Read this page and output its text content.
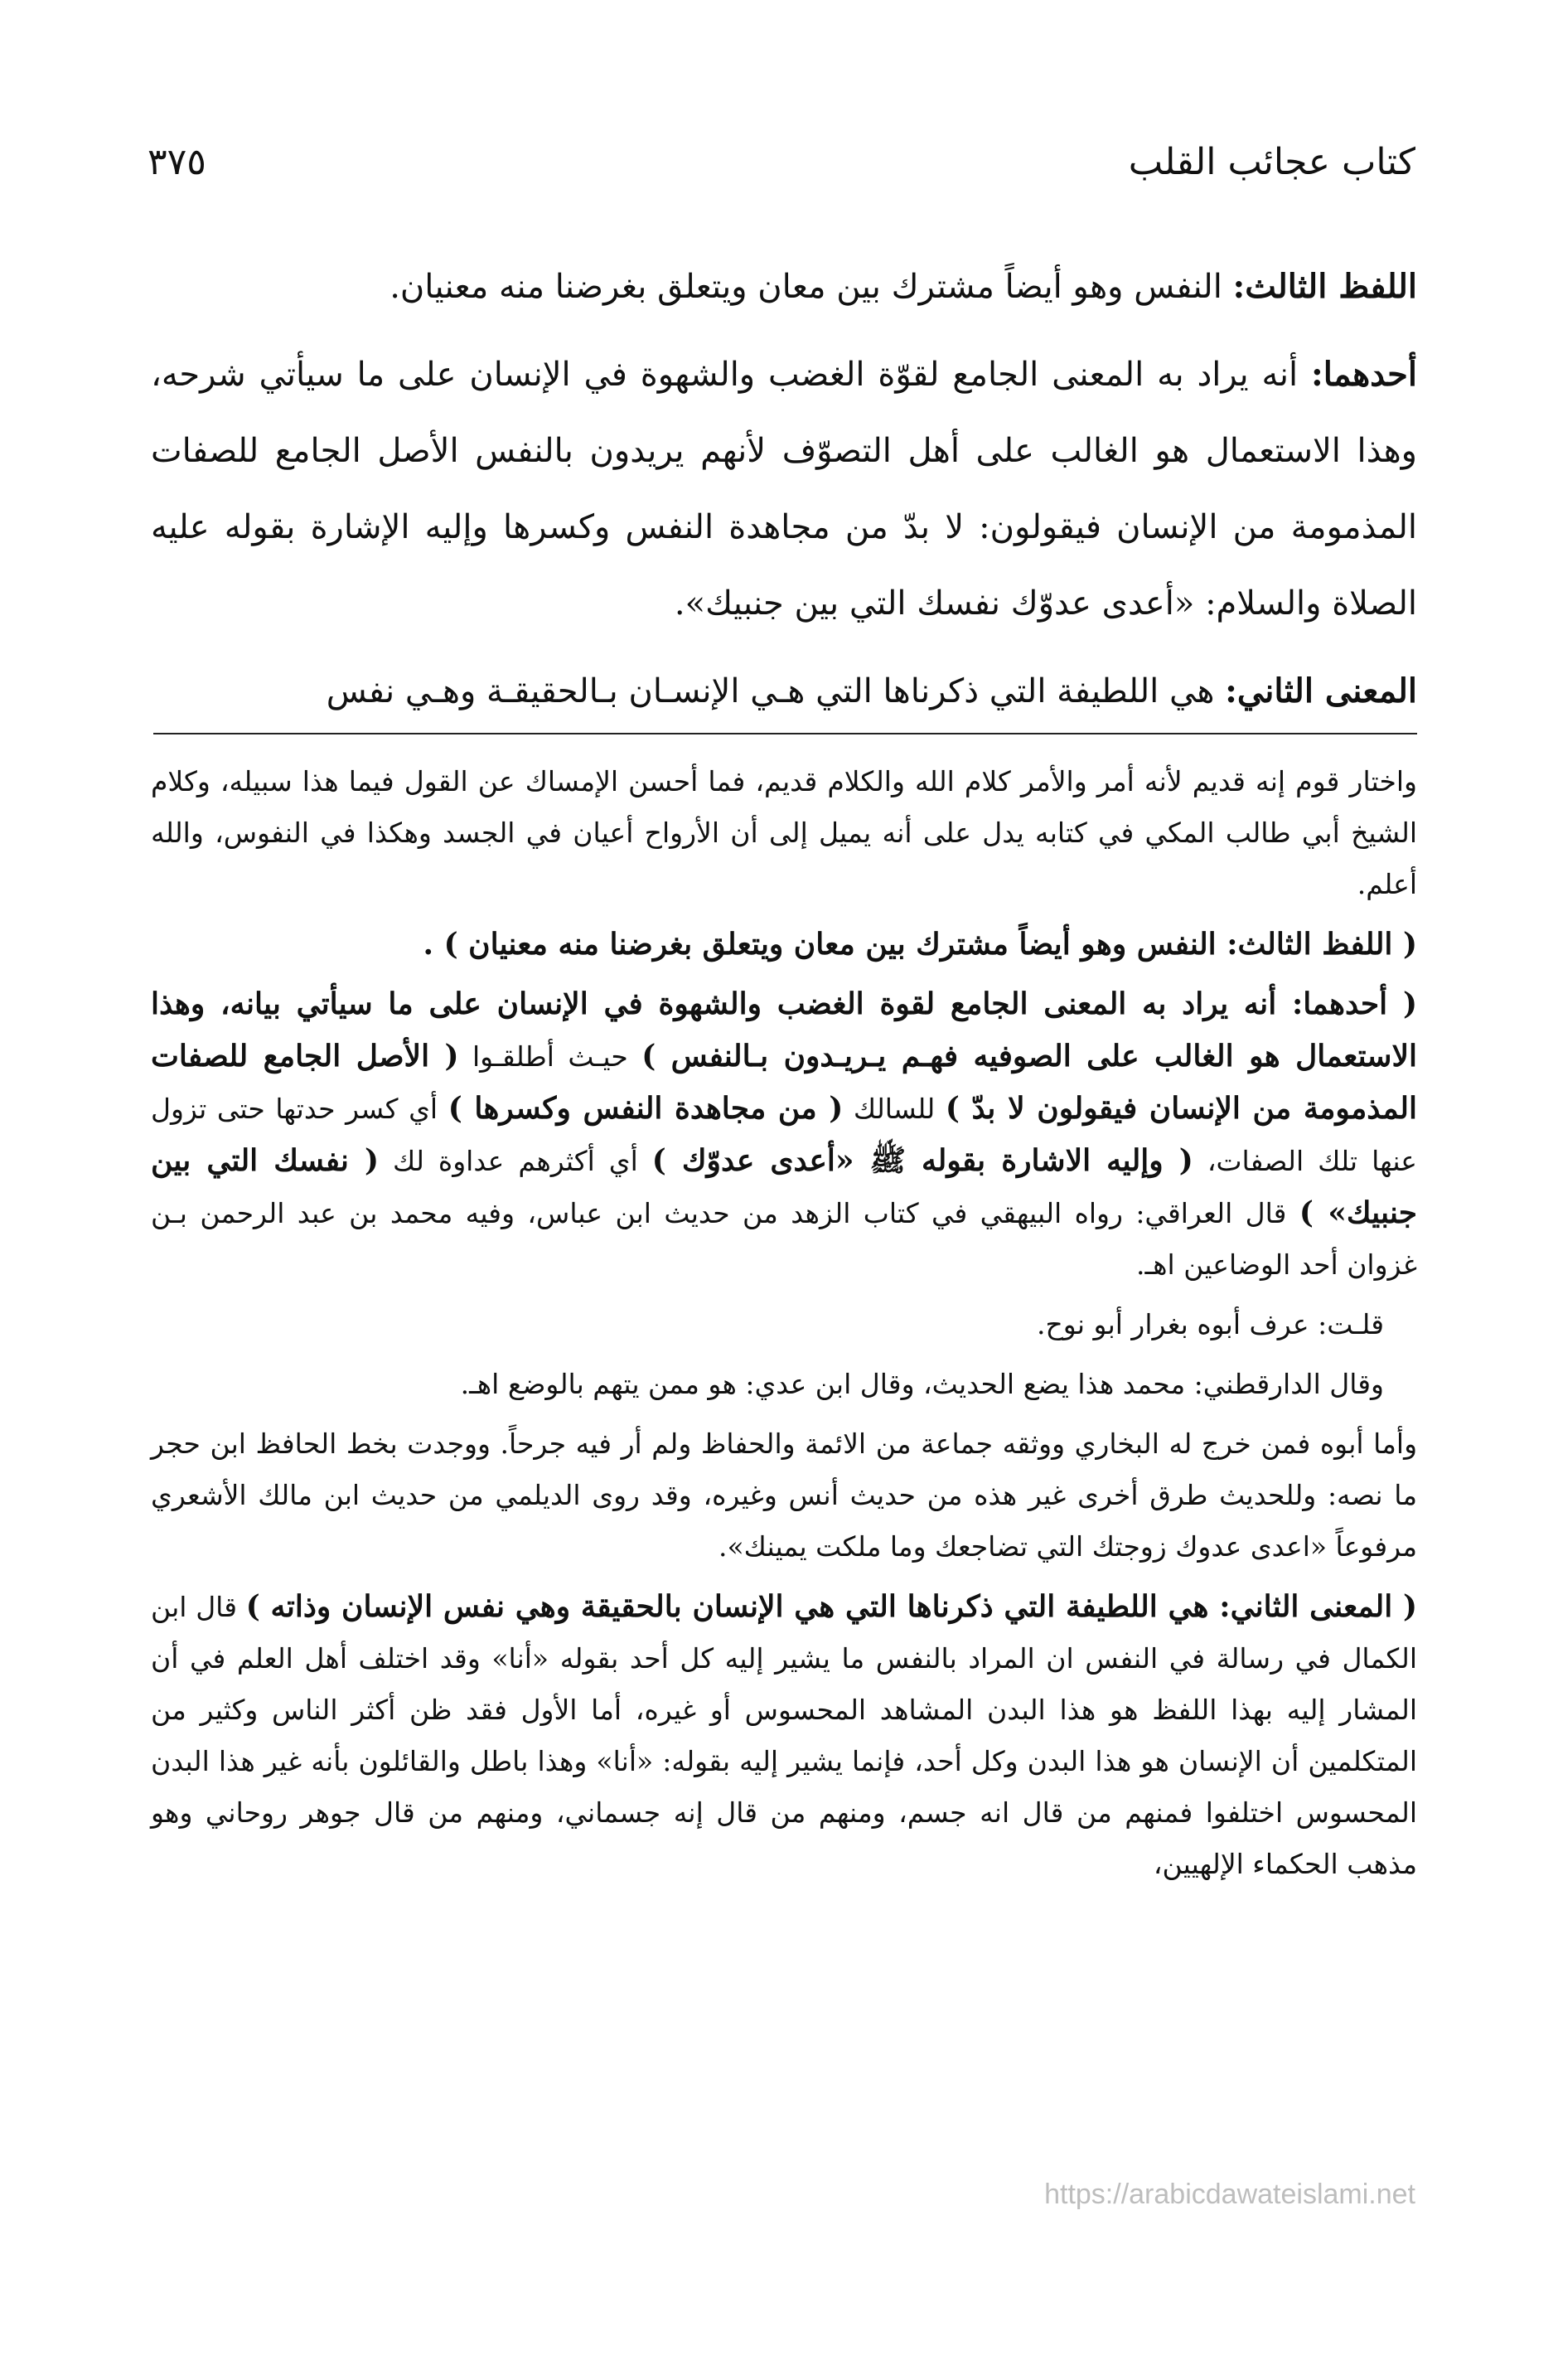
كتاب عجائب القلب
٣٧٥

اللفظ الثالث: النفس وهو أيضاً مشترك بين معان ويتعلق بغرضنا منه معنيان.

أحدهما: أنه يراد به المعنى الجامع لقوّة الغضب والشهوة في الإنسان على ما سيأتي شرحه، وهذا الاستعمال هو الغالب على أهل التصوّف لأنهم يريدون بالنفس الأصل الجامع للصفات المذمومة من الإنسان فيقولون: لا بدّ من مجاهدة النفس وكسرها وإليه الإشارة بقوله عليه الصلاة والسلام: «أعدى عدوّك نفسك التي بين جنبيك».

المعنى الثاني: هي اللطيفة التي ذكرناها التي هـي الإنسـان بـالحقيقـة وهـي نفس

واختار قوم إنه قديم لأنه أمر والأمر كلام الله والكلام قديم، فما أحسن الإمساك عن القول فيما هذا سبيله، وكلام الشيخ أبي طالب المكي في كتابه يدل على أنه يميل إلى أن الأرواح أعيان في الجسد وهكذا في النفوس، والله أعلم.

( اللفظ الثالث: النفس وهو أيضاً مشترك بين معان ويتعلق بغرضنا منه معنيان ) .

( أحدهما: أنه يراد به المعنى الجامع لقوة الغضب والشهوة في الإنسان على ما سيأتي بيانه، وهذا الاستعمال هو الغالب على الصوفيه فهـم يـريـدون بـالنفس ) حيـث أطلقـوا ( الأصل الجامع للصفات المذمومة من الإنسان فيقولون لا بدّ ) للسالك ( من مجاهدة النفس وكسرها ) أي كسر حدتها حتى تزول عنها تلك الصفات، ( وإليه الاشارة بقوله ﷺ «أعدى عدوّك ) أي أكثرهم عداوة لك ( نفسك التي بين جنبيك» ) قال العراقي: رواه البيهقي في كتاب الزهد من حديث ابن عباس، وفيه محمد بن عبد الرحمن بـن غزوان أحد الوضاعين اهـ.

قلـت: عرف أبوه بغرار أبو نوح.

وقال الدارقطني: محمد هذا يضع الحديث، وقال ابن عدي: هو ممن يتهم بالوضع اهـ.

وأما أبوه فمن خرج له البخاري ووثقه جماعة من الائمة والحفاظ ولم أر فيه جرحاً. ووجدت بخط الحافظ ابن حجر ما نصه: وللحديث طرق أخرى غير هذه من حديث أنس وغيره، وقد روى الديلمي من حديث ابن مالك الأشعري مرفوعاً «اعدى عدوك زوجتك التي تضاجعك وما ملكت يمينك».

( المعنى الثاني: هي اللطيفة التي ذكرناها التي هي الإنسان بالحقيقة وهي نفس الإنسان وذاته ) قال ابن الكمال في رسالة في النفس ان المراد بالنفس ما يشير إليه كل أحد بقوله «أنا» وقد اختلف أهل العلم في أن المشار إليه بهذا اللفظ هو هذا البدن المشاهد المحسوس أو غيره، أما الأول فقد ظن أكثر الناس وكثير من المتكلمين أن الإنسان هو هذا البدن وكل أحد، فإنما يشير إليه بقوله: «أنا» وهذا باطل والقائلون بأنه غير هذا البدن المحسوس اختلفوا فمنهم من قال انه جسم، ومنهم من قال إنه جسماني، ومنهم من قال جوهر روحاني وهو مذهب الحكماء الإلهيين،

https://arabicdawateislami.net
